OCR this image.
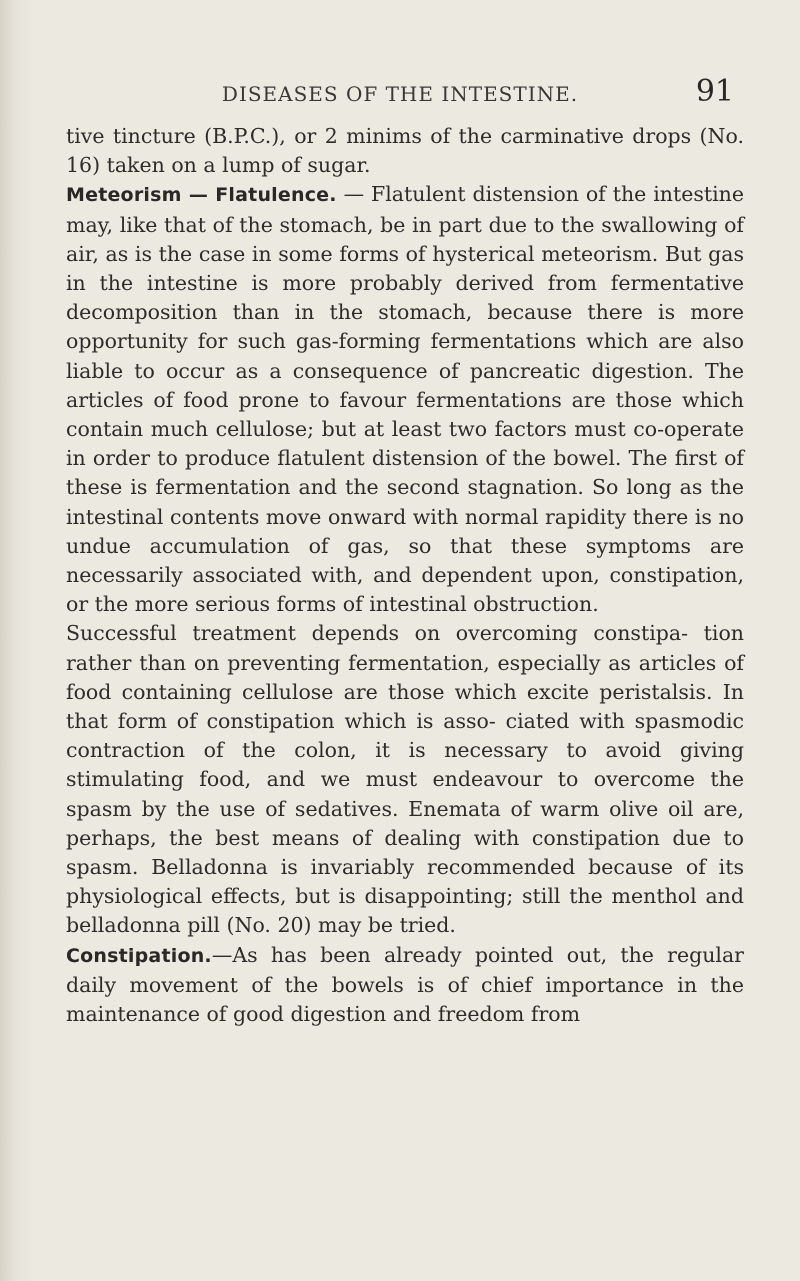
DISEASES OF THE INTESTINE.	91

tive tincture (B.P.C.), or 2 minims of the carminative drops (No. 16) taken on a lump of sugar.

Meteorism — Flatulence. — Flatulent distension of the intestine may, like that of the stomach, be in part due to the swallowing of air, as is the case in some forms of hysterical meteorism. But gas in the intestine is more probably derived from fermentative decomposition than in the stomach, because there is more opportunity for such gas-forming fermentations which are also liable to occur as a consequence of pancreatic digestion. The articles of food prone to favour fermentations are those which contain much cellulose; but at least two factors must co-operate in order to produce flatulent distension of the bowel. The first of these is fermentation and the second stagnation. So long as the intestinal contents move onward with normal rapidity there is no undue accumulation of gas, so that these symptoms are necessarily associated with, and dependent upon, constipation, or the more serious forms of intestinal obstruction.

Successful treatment depends on overcoming constipa- tion rather than on preventing fermentation, especially as articles of food containing cellulose are those which excite peristalsis. In that form of constipation which is asso- ciated with spasmodic contraction of the colon, it is necessary to avoid giving stimulating food, and we must endeavour to overcome the spasm by the use of sedatives. Enemata of warm olive oil are, perhaps, the best means of dealing with constipation due to spasm. Belladonna is invariably recommended because of its physiological effects, but is disappointing; still the menthol and belladonna pill (No. 20) may be tried.

Constipation.—As has been already pointed out, the regular daily movement of the bowels is of chief importance in the maintenance of good digestion and freedom from
